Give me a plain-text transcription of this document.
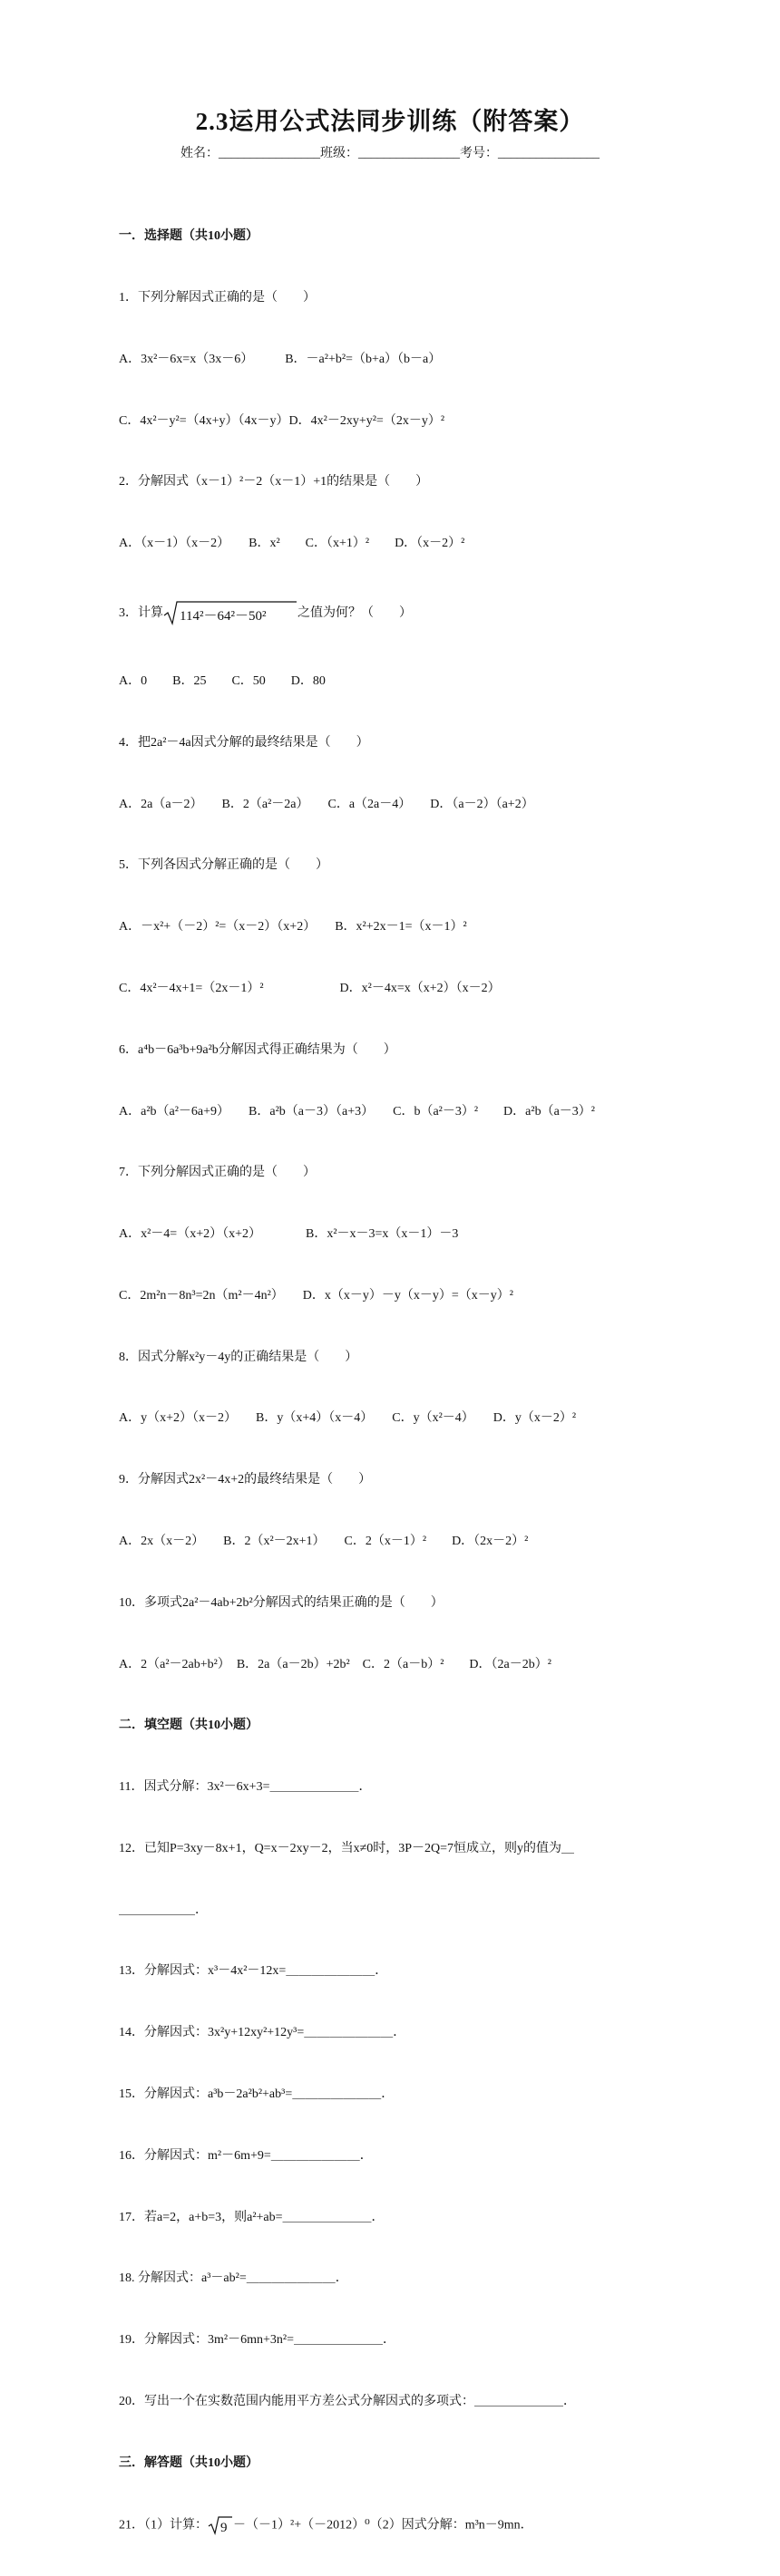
2.3运用公式法同步训练（附答案）
姓名：________________班级：________________考号：________________

一．选择题（共10小题）

1．下列分解因式正确的是（　　）

A．3x²－6x=x（3x－6）　　　B．－a²+b²=（b+a）（b－a）

C．4x²－y²=（4x+y）（4x－y）D．4x²－2xy+y²=（2x－y）²

2．分解因式（x－1）²－2（x－1）+1的结果是（　　）

A．（x－1）（x－2）　　B．x²　　C．（x+1）²　　D．（x－2）²

3．计算 114²－64²－50² 之值为何？（　　）

A．0　　B．25　　C．50　　D．80

4．把2a²－4a因式分解的最终结果是（　　）

A．2a（a－2）　　B．2（a²－2a）　　C．a（2a－4）　　D．（a－2）（a+2）

5．下列各因式分解正确的是（　　）

A．－x²+（－2）²=（x－2）（x+2）　　B．x²+2x－1=（x－1）²

C．4x²－4x+1=（2x－1）²　　　　　　D．x²－4x=x（x+2）（x－2）

6．a⁴b－6a³b+9a²b分解因式得正确结果为（　　）

A．a²b（a²－6a+9）　　B．a²b（a－3）（a+3）　　C．b（a²－3）²　　D．a²b（a－3）²

7．下列分解因式正确的是（　　）

A．x²－4=（x+2）（x+2）　　　　B．x²－x－3=x（x－1）－3

C．2m²n－8n³=2n（m²－4n²）　　D．x（x－y）－y（x－y）=（x－y）²

8．因式分解x²y－4y的正确结果是（　　）

A．y（x+2）（x－2）　　B．y（x+4）（x－4）　　C．y（x²－4）　　D．y（x－2）²

9．分解因式2x²－4x+2的最终结果是（　　）

A．2x（x－2）　　B．2（x²－2x+1）　　C．2（x－1）²　　D．（2x－2）²

10．多项式2a²－4ab+2b²分解因式的结果正确的是（　　）

A．2（a²－2ab+b²）　B．2a（a－2b）+2b²　C．2（a－b）²　　D．（2a－2b）²

二．填空题（共10小题）

11．因式分解：3x²－6x+3=＿＿＿＿＿＿＿．

12．已知P=3xy－8x+1，Q=x－2xy－2，当x≠0时，3P－2Q=7恒成立，则y的值为＿

＿＿＿＿＿＿．

13．分解因式：x³－4x²－12x=＿＿＿＿＿＿＿．

14．分解因式：3x²y+12xy²+12y³=＿＿＿＿＿＿＿．

15．分解因式：a³b－2a²b²+ab³=＿＿＿＿＿＿＿．

16．分解因式：m²－6m+9=＿＿＿＿＿＿＿．

17．若a=2，a+b=3，则a²+ab=＿＿＿＿＿＿＿．

18. 分解因式：a³－ab²=＿＿＿＿＿＿＿．

19．分解因式：3m²－6mn+3n²=＿＿＿＿＿＿＿．

20．写出一个在实数范围内能用平方差公式分解因式的多项式：＿＿＿＿＿＿＿．

三．解答题（共10小题）

21．（1）计算： 9 －（－1）²+（－2012）⁰（2）因式分解：m³n－9mn．
